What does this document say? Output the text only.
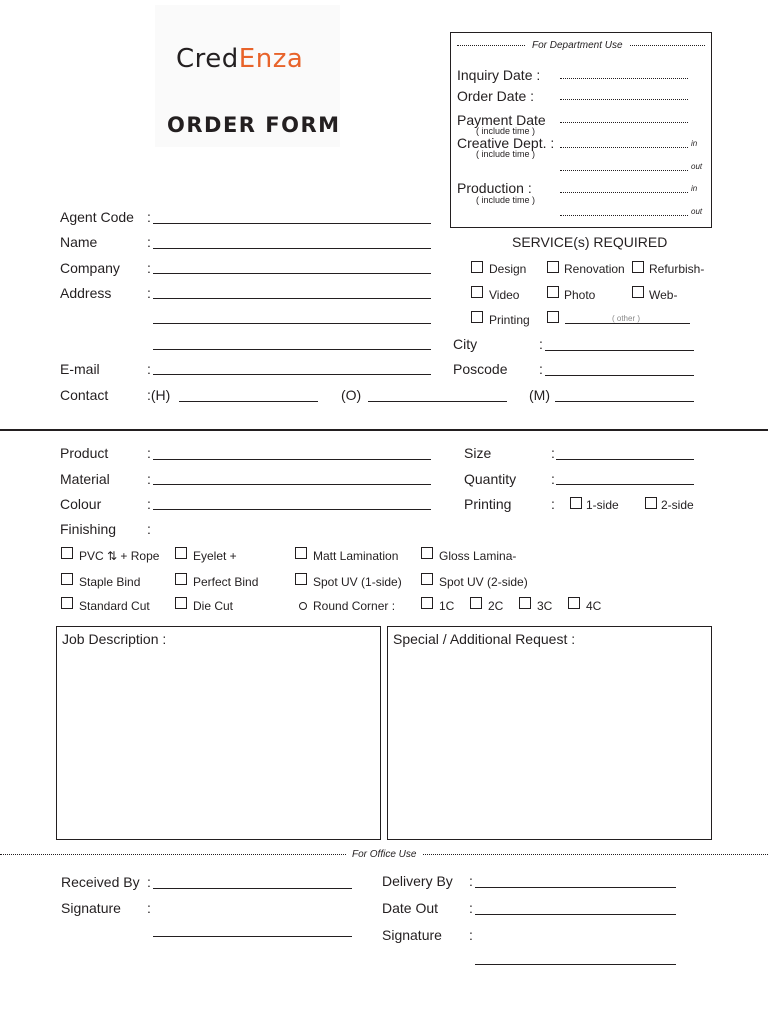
CredEnza
ORDER FORM
For Department Use
Inquiry Date :
Order Date :
Payment Date
( include time )
Creative Dept. :
( include time )
in
out
Production :
( include time )
in
out
Agent Code :
Name	:
Company :
Address	:
E-mail	:
Contact	:(H)	(O)	(M)
City	:
Poscode :
SERVICE(s) REQUIRED
Design	Renovation Refurbish-
Video	Photo	Web-
Printing	( other )
Product	:
Material	:
Colour	:
Finishing :
Size	:
Quantity :
Printing	:	1-side	2-side
PVC ⇅ + Rope	Eyelet +	Matt Lamination	Gloss Lamina-
Staple Bind	Perfect Bind	Spot UV (1-side)	Spot UV (2-side)
Standard Cut	Die Cut	Round Corner :	1C	2C	3C	4C
Job Description :	Special / Additional Request :
For Office Use
Received By :
Signature :
Delivery By :
Date Out :
Signature :
